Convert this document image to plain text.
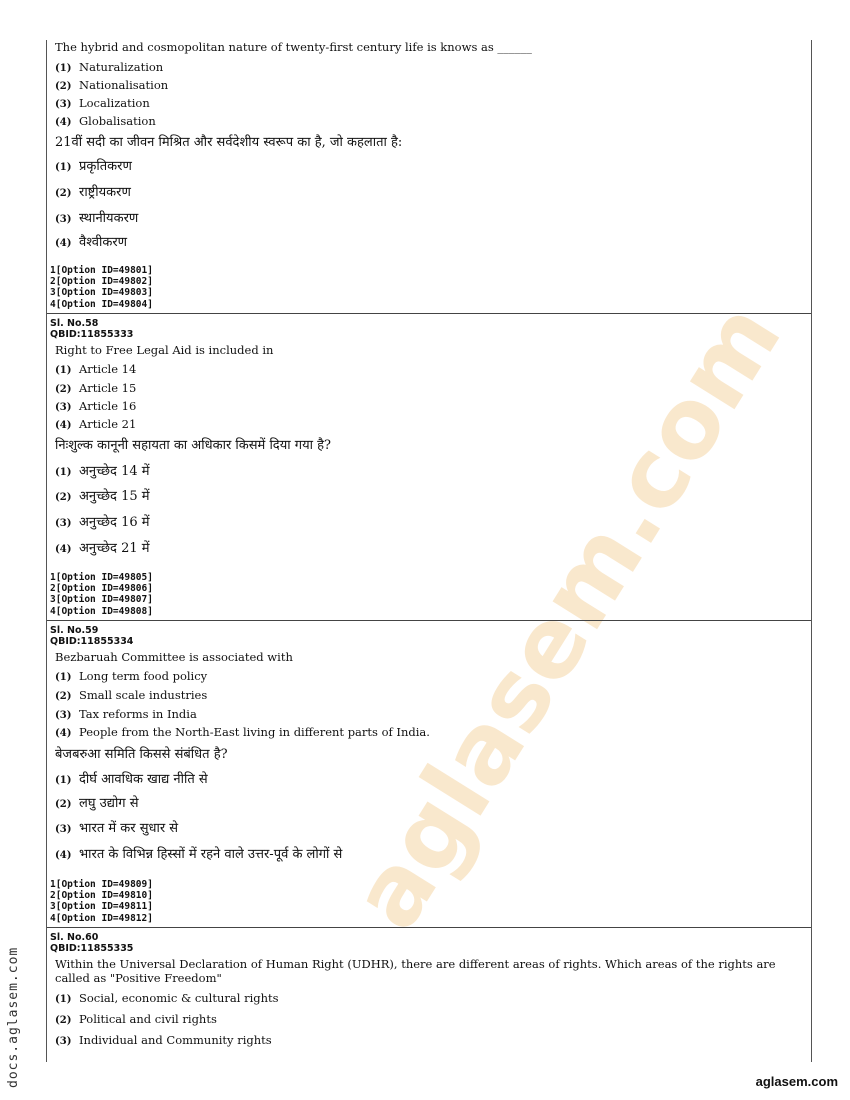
aglasem.com
The hybrid and cosmopolitan nature of twenty-first century life is knows as ______
(1) Naturalization
(2) Nationalisation
(3) Localization
(4) Globalisation
21वीं सदी का जीवन मिश्रित और सर्वदेशीय स्वरूप का है, जो कहलाता है:
(1) प्रकृतिकरण
(2) राष्ट्रीयकरण
(3) स्थानीयकरण
(4) वैश्वीकरण
1[Option ID=49801]
2[Option ID=49802]
3[Option ID=49803]
4[Option ID=49804]
Sl. No.58
QBID:11855333
Right to Free Legal Aid is included in
(1) Article 14
(2) Article 15
(3) Article 16
(4) Article 21
निःशुल्क कानूनी सहायता का अधिकार किसमें दिया गया है?
(1) अनुच्छेद 14 में
(2) अनुच्छेद 15 में
(3) अनुच्छेद 16 में
(4) अनुच्छेद 21 में
1[Option ID=49805]
2[Option ID=49806]
3[Option ID=49807]
4[Option ID=49808]
Sl. No.59
QBID:11855334
Bezbaruah Committee is associated with
(1) Long term food policy
(2) Small scale industries
(3) Tax reforms in India
(4) People from the North-East living in different parts of India.
बेजबरुआ समिति किससे संबंधित है?
(1) दीर्घ आवधिक खाद्य नीति से
(2) लघु उद्योग से
(3) भारत में कर सुधार से
(4) भारत के विभिन्न हिस्सों में रहने वाले उत्तर-पूर्व के लोगों से
1[Option ID=49809]
2[Option ID=49810]
3[Option ID=49811]
4[Option ID=49812]
Sl. No.60
QBID:11855335
Within the Universal Declaration of Human Right (UDHR), there are different areas of rights. Which areas of the rights are called as "Positive Freedom"
(1) Social, economic & cultural rights
(2) Political and civil rights
(3) Individual and Community rights
docs.aglasem.com	aglasem.com
